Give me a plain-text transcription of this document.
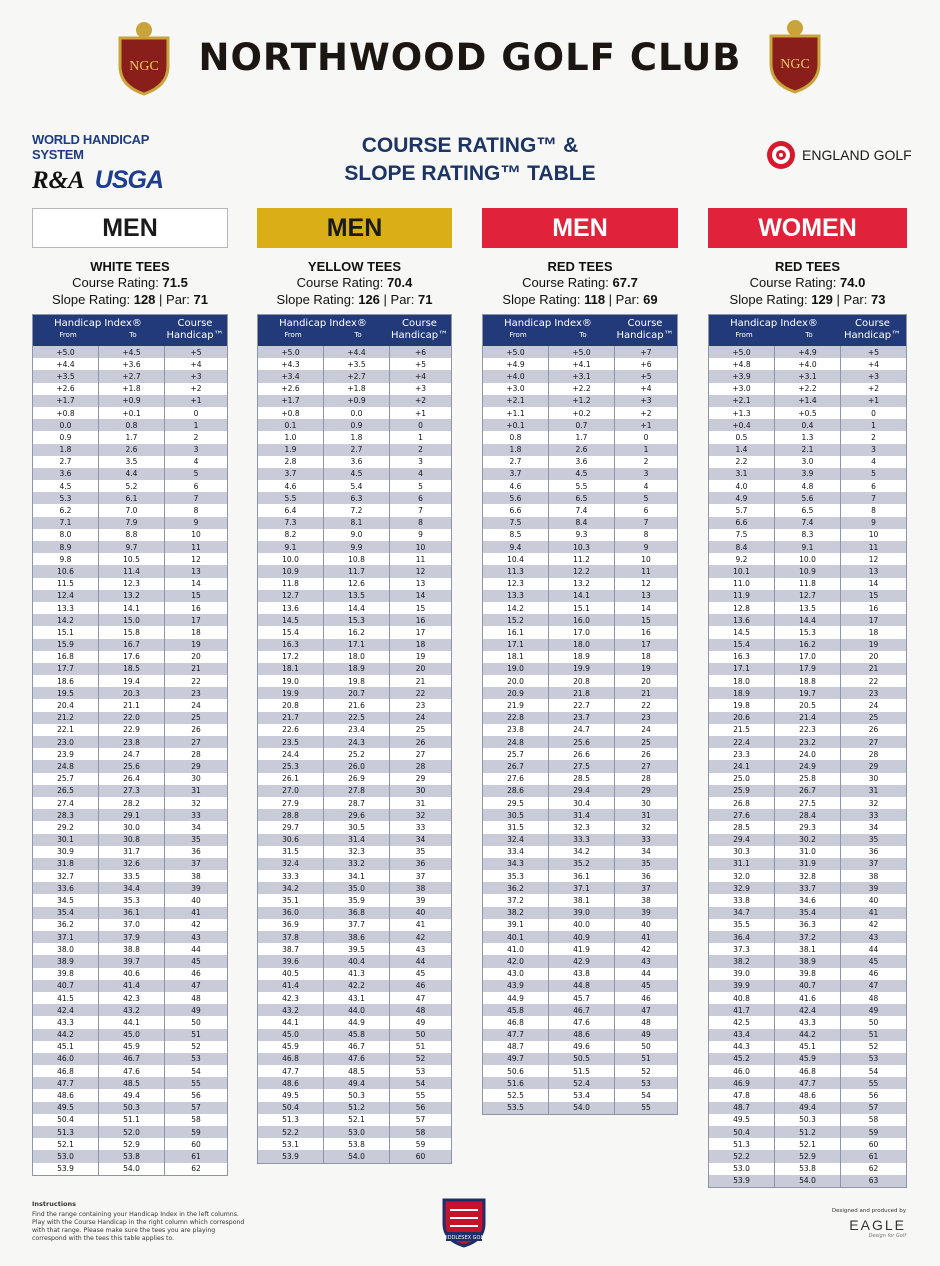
NGC	NORTHWOOD GOLF CLUB	NGC
WORLD HANDICAP SYSTEM
R&A USGA
COURSE RATING™ &
SLOPE RATING™ TABLE
ENGLAND GOLF
MEN
WHITE TEES
Course Rating: 71.5
Slope Rating: 128 | Par: 71
Handicap Index®
From	To
Course
Handicap™
+5.0	+4.5	+5
+4.4	+3.6	+4
+3.5	+2.7	+3
+2.6	+1.8	+2
+1.7	+0.9	+1
+0.8	+0.1	0
0.0	0.8	1
0.9	1.7	2
1.8	2.6	3
2.7	3.5	4
3.6	4.4	5
4.5	5.2	6
5.3	6.1	7
6.2	7.0	8
7.1	7.9	9
8.0	8.8	10
8.9	9.7	11
9.8	10.5	12
10.6	11.4	13
11.5	12.3	14
12.4	13.2	15
13.3	14.1	16
14.2	15.0	17
15.1	15.8	18
15.9	16.7	19
16.8	17.6	20
17.7	18.5	21
18.6	19.4	22
19.5	20.3	23
20.4	21.1	24
21.2	22.0	25
22.1	22.9	26
23.0	23.8	27
23.9	24.7	28
24.8	25.6	29
25.7	26.4	30
26.5	27.3	31
27.4	28.2	32
28.3	29.1	33
29.2	30.0	34
30.1	30.8	35
30.9	31.7	36
31.8	32.6	37
32.7	33.5	38
33.6	34.4	39
34.5	35.3	40
35.4	36.1	41
36.2	37.0	42
37.1	37.9	43
38.0	38.8	44
38.9	39.7	45
39.8	40.6	46
40.7	41.4	47
41.5	42.3	48
42.4	43.2	49
43.3	44.1	50
44.2	45.0	51
45.1	45.9	52
46.0	46.7	53
46.8	47.6	54
47.7	48.5	55
48.6	49.4	56
49.5	50.3	57
50.4	51.1	58
51.3	52.0	59
52.1	52.9	60
53.0	53.8	61
53.9	54.0	62
MEN
YELLOW TEES
Course Rating: 70.4
Slope Rating: 126 | Par: 71
Handicap Index®
From	To
Course
Handicap™
+5.0	+4.4	+6
+4.3	+3.5	+5
+3.4	+2.7	+4
+2.6	+1.8	+3
+1.7	+0.9	+2
+0.8	0.0	+1
0.1	0.9	0
1.0	1.8	1
1.9	2.7	2
2.8	3.6	3
3.7	4.5	4
4.6	5.4	5
5.5	6.3	6
6.4	7.2	7
7.3	8.1	8
8.2	9.0	9
9.1	9.9	10
10.0	10.8	11
10.9	11.7	12
11.8	12.6	13
12.7	13.5	14
13.6	14.4	15
14.5	15.3	16
15.4	16.2	17
16.3	17.1	18
17.2	18.0	19
18.1	18.9	20
19.0	19.8	21
19.9	20.7	22
20.8	21.6	23
21.7	22.5	24
22.6	23.4	25
23.5	24.3	26
24.4	25.2	27
25.3	26.0	28
26.1	26.9	29
27.0	27.8	30
27.9	28.7	31
28.8	29.6	32
29.7	30.5	33
30.6	31.4	34
31.5	32.3	35
32.4	33.2	36
33.3	34.1	37
34.2	35.0	38
35.1	35.9	39
36.0	36.8	40
36.9	37.7	41
37.8	38.6	42
38.7	39.5	43
39.6	40.4	44
40.5	41.3	45
41.4	42.2	46
42.3	43.1	47
43.2	44.0	48
44.1	44.9	49
45.0	45.8	50
45.9	46.7	51
46.8	47.6	52
47.7	48.5	53
48.6	49.4	54
49.5	50.3	55
50.4	51.2	56
51.3	52.1	57
52.2	53.0	58
53.1	53.8	59
53.9	54.0	60
MEN
RED TEES
Course Rating: 67.7
Slope Rating: 118 | Par: 69
Handicap Index®
From	To
Course
Handicap™
+5.0	+5.0	+7
+4.9	+4.1	+6
+4.0	+3.1	+5
+3.0	+2.2	+4
+2.1	+1.2	+3
+1.1	+0.2	+2
+0.1	0.7	+1
0.8	1.7	0
1.8	2.6	1
2.7	3.6	2
3.7	4.5	3
4.6	5.5	4
5.6	6.5	5
6.6	7.4	6
7.5	8.4	7
8.5	9.3	8
9.4	10.3	9
10.4	11.2	10
11.3	12.2	11
12.3	13.2	12
13.3	14.1	13
14.2	15.1	14
15.2	16.0	15
16.1	17.0	16
17.1	18.0	17
18.1	18.9	18
19.0	19.9	19
20.0	20.8	20
20.9	21.8	21
21.9	22.7	22
22.8	23.7	23
23.8	24.7	24
24.8	25.6	25
25.7	26.6	26
26.7	27.5	27
27.6	28.5	28
28.6	29.4	29
29.5	30.4	30
30.5	31.4	31
31.5	32.3	32
32.4	33.3	33
33.4	34.2	34
34.3	35.2	35
35.3	36.1	36
36.2	37.1	37
37.2	38.1	38
38.2	39.0	39
39.1	40.0	40
40.1	40.9	41
41.0	41.9	42
42.0	42.9	43
43.0	43.8	44
43.9	44.8	45
44.9	45.7	46
45.8	46.7	47
46.8	47.6	48
47.7	48.6	49
48.7	49.6	50
49.7	50.5	51
50.6	51.5	52
51.6	52.4	53
52.5	53.4	54
53.5	54.0	55
WOMEN
RED TEES
Course Rating: 74.0
Slope Rating: 129 | Par: 73
Handicap Index®
From	To
Course
Handicap™
+5.0	+4.9	+5
+4.8	+4.0	+4
+3.9	+3.1	+3
+3.0	+2.2	+2
+2.1	+1.4	+1
+1.3	+0.5	0
+0.4	0.4	1
0.5	1.3	2
1.4	2.1	3
2.2	3.0	4
3.1	3.9	5
4.0	4.8	6
4.9	5.6	7
5.7	6.5	8
6.6	7.4	9
7.5	8.3	10
8.4	9.1	11
9.2	10.0	12
10.1	10.9	13
11.0	11.8	14
11.9	12.7	15
12.8	13.5	16
13.6	14.4	17
14.5	15.3	18
15.4	16.2	19
16.3	17.0	20
17.1	17.9	21
18.0	18.8	22
18.9	19.7	23
19.8	20.5	24
20.6	21.4	25
21.5	22.3	26
22.4	23.2	27
23.3	24.0	28
24.1	24.9	29
25.0	25.8	30
25.9	26.7	31
26.8	27.5	32
27.6	28.4	33
28.5	29.3	34
29.4	30.2	35
30.3	31.0	36
31.1	31.9	37
32.0	32.8	38
32.9	33.7	39
33.8	34.6	40
34.7	35.4	41
35.5	36.3	42
36.4	37.2	43
37.3	38.1	44
38.2	38.9	45
39.0	39.8	46
39.9	40.7	47
40.8	41.6	48
41.7	42.4	49
42.5	43.3	50
43.4	44.2	51
44.3	45.1	52
45.2	45.9	53
46.0	46.8	54
46.9	47.7	55
47.8	48.6	56
48.7	49.4	57
49.5	50.3	58
50.4	51.2	59
51.3	52.1	60
52.2	52.9	61
53.0	53.8	62
53.9	54.0	63
Instructions
Find the range containing your Handicap Index in the left columns. Play with the Course Handicap in the right column which correspond with that range. Please make sure the tees you are playing correspond with the tees this table applies to.	MIDDLESEX GOLF
Designed and produced by
EAGLE
Design for Golf
